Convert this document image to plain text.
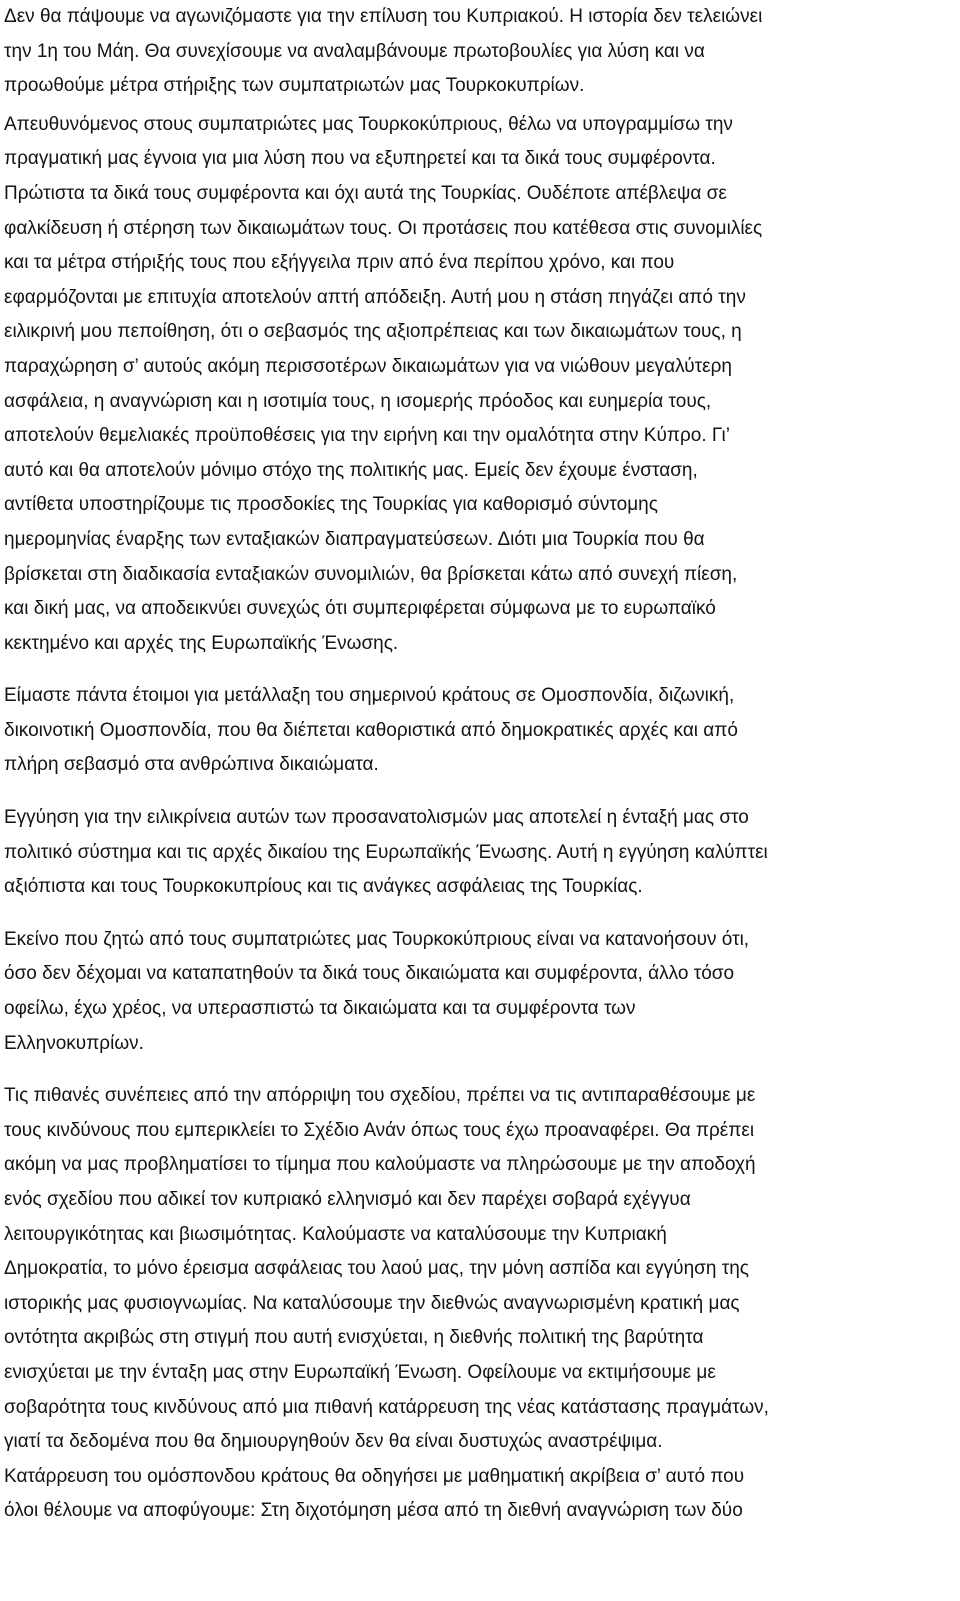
Δεν θα πάψουμε να αγωνιζόμαστε για την επίλυση του Κυπριακού. Η ιστορία δεν τελειώνει
την 1η του Μάη. Θα συνεχίσουμε να αναλαμβάνουμε πρωτοβουλίες για λύση και να
προωθούμε μέτρα στήριξης των συμπατριωτών μας Τουρκοκυπρίων.
Απευθυνόμενος στους συμπατριώτες μας Τουρκοκύπριους, θέλω να υπογραμμίσω την
πραγματική μας έγνοια για μια λύση που να εξυπηρετεί και τα δικά τους συμφέροντα.
Πρώτιστα τα δικά τους συμφέροντα και όχι αυτά της Τουρκίας. Ουδέποτε απέβλεψα σε
φαλκίδευση ή στέρηση των δικαιωμάτων τους. Οι προτάσεις που κατέθεσα στις συνομιλίες
και τα μέτρα στήριξής τους που εξήγγειλα πριν από ένα περίπου χρόνο, και που
εφαρμόζονται με επιτυχία αποτελούν απτή απόδειξη. Αυτή μου η στάση πηγάζει από την
ειλικρινή μου πεποίθηση, ότι ο σεβασμός της αξιοπρέπειας και των δικαιωμάτων τους, η
παραχώρηση σ’ αυτούς ακόμη περισσοτέρων δικαιωμάτων για να νιώθουν μεγαλύτερη
ασφάλεια, η αναγνώριση και η ισοτιμία τους, η ισομερής πρόοδος και ευημερία τους,
αποτελούν θεμελιακές προϋποθέσεις για την ειρήνη και την ομαλότητα στην Κύπρο. Γι’
αυτό και θα αποτελούν μόνιμο στόχο της πολιτικής μας. Εμείς δεν έχουμε ένσταση,
αντίθετα υποστηρίζουμε τις προσδοκίες της Τουρκίας για καθορισμό σύντομης
ημερομηνίας έναρξης των ενταξιακών διαπραγματεύσεων. Διότι μια Τουρκία που θα
βρίσκεται στη διαδικασία ενταξιακών συνομιλιών, θα βρίσκεται κάτω από συνεχή πίεση,
και δική μας, να αποδεικνύει συνεχώς ότι συμπεριφέρεται σύμφωνα με το ευρωπαϊκό
κεκτημένο και αρχές της Ευρωπαϊκής Ένωσης.
Είμαστε πάντα έτοιμοι για μετάλλαξη του σημερινού κράτους σε Ομοσπονδία, διζωνική,
δικοινοτική Ομοσπονδία, που θα διέπεται καθοριστικά από δημοκρατικές αρχές και από
πλήρη σεβασμό στα ανθρώπινα δικαιώματα.
Εγγύηση για την ειλικρίνεια αυτών των προσανατολισμών μας αποτελεί η ένταξή μας στο
πολιτικό σύστημα και τις αρχές δικαίου της Ευρωπαϊκής Ένωσης. Αυτή η εγγύηση καλύπτει
αξιόπιστα και τους Τουρκοκυπρίους και τις ανάγκες ασφάλειας της Τουρκίας.
Εκείνο που ζητώ από τους συμπατριώτες μας Τουρκοκύπριους είναι να κατανοήσουν ότι,
όσο δεν δέχομαι να καταπατηθούν τα δικά τους δικαιώματα και συμφέροντα, άλλο τόσο
οφείλω, έχω χρέος, να υπερασπιστώ τα δικαιώματα και τα συμφέροντα των
Ελληνοκυπρίων.
Τις πιθανές συνέπειες από την απόρριψη του σχεδίου, πρέπει να τις αντιπαραθέσουμε με
τους κινδύνους που εμπερικλείει το Σχέδιο Ανάν όπως τους έχω προαναφέρει. Θα πρέπει
ακόμη να μας προβληματίσει το τίμημα που καλούμαστε να πληρώσουμε με την αποδοχή
ενός σχεδίου που αδικεί τον κυπριακό ελληνισμό και δεν παρέχει σοβαρά εχέγγυα
λειτουργικότητας και βιωσιμότητας. Καλούμαστε να καταλύσουμε την Κυπριακή
Δημοκρατία, το μόνο έρεισμα ασφάλειας του λαού μας, την μόνη ασπίδα και εγγύηση της
ιστορικής μας φυσιογνωμίας. Να καταλύσουμε την διεθνώς αναγνωρισμένη κρατική μας
οντότητα ακριβώς στη στιγμή που αυτή ενισχύεται, η διεθνής πολιτική της βαρύτητα
ενισχύεται με την ένταξη μας στην Ευρωπαϊκή Ένωση. Οφείλουμε να εκτιμήσουμε με
σοβαρότητα τους κινδύνους από μια πιθανή κατάρρευση της νέας κατάστασης πραγμάτων,
γιατί τα δεδομένα που θα δημιουργηθούν δεν θα είναι δυστυχώς αναστρέψιμα.
Κατάρρευση του ομόσπονδου κράτους θα οδηγήσει με μαθηματική ακρίβεια σ’ αυτό που
όλοι θέλουμε να αποφύγουμε: Στη διχοτόμηση μέσα από τη διεθνή αναγνώριση των δύο
